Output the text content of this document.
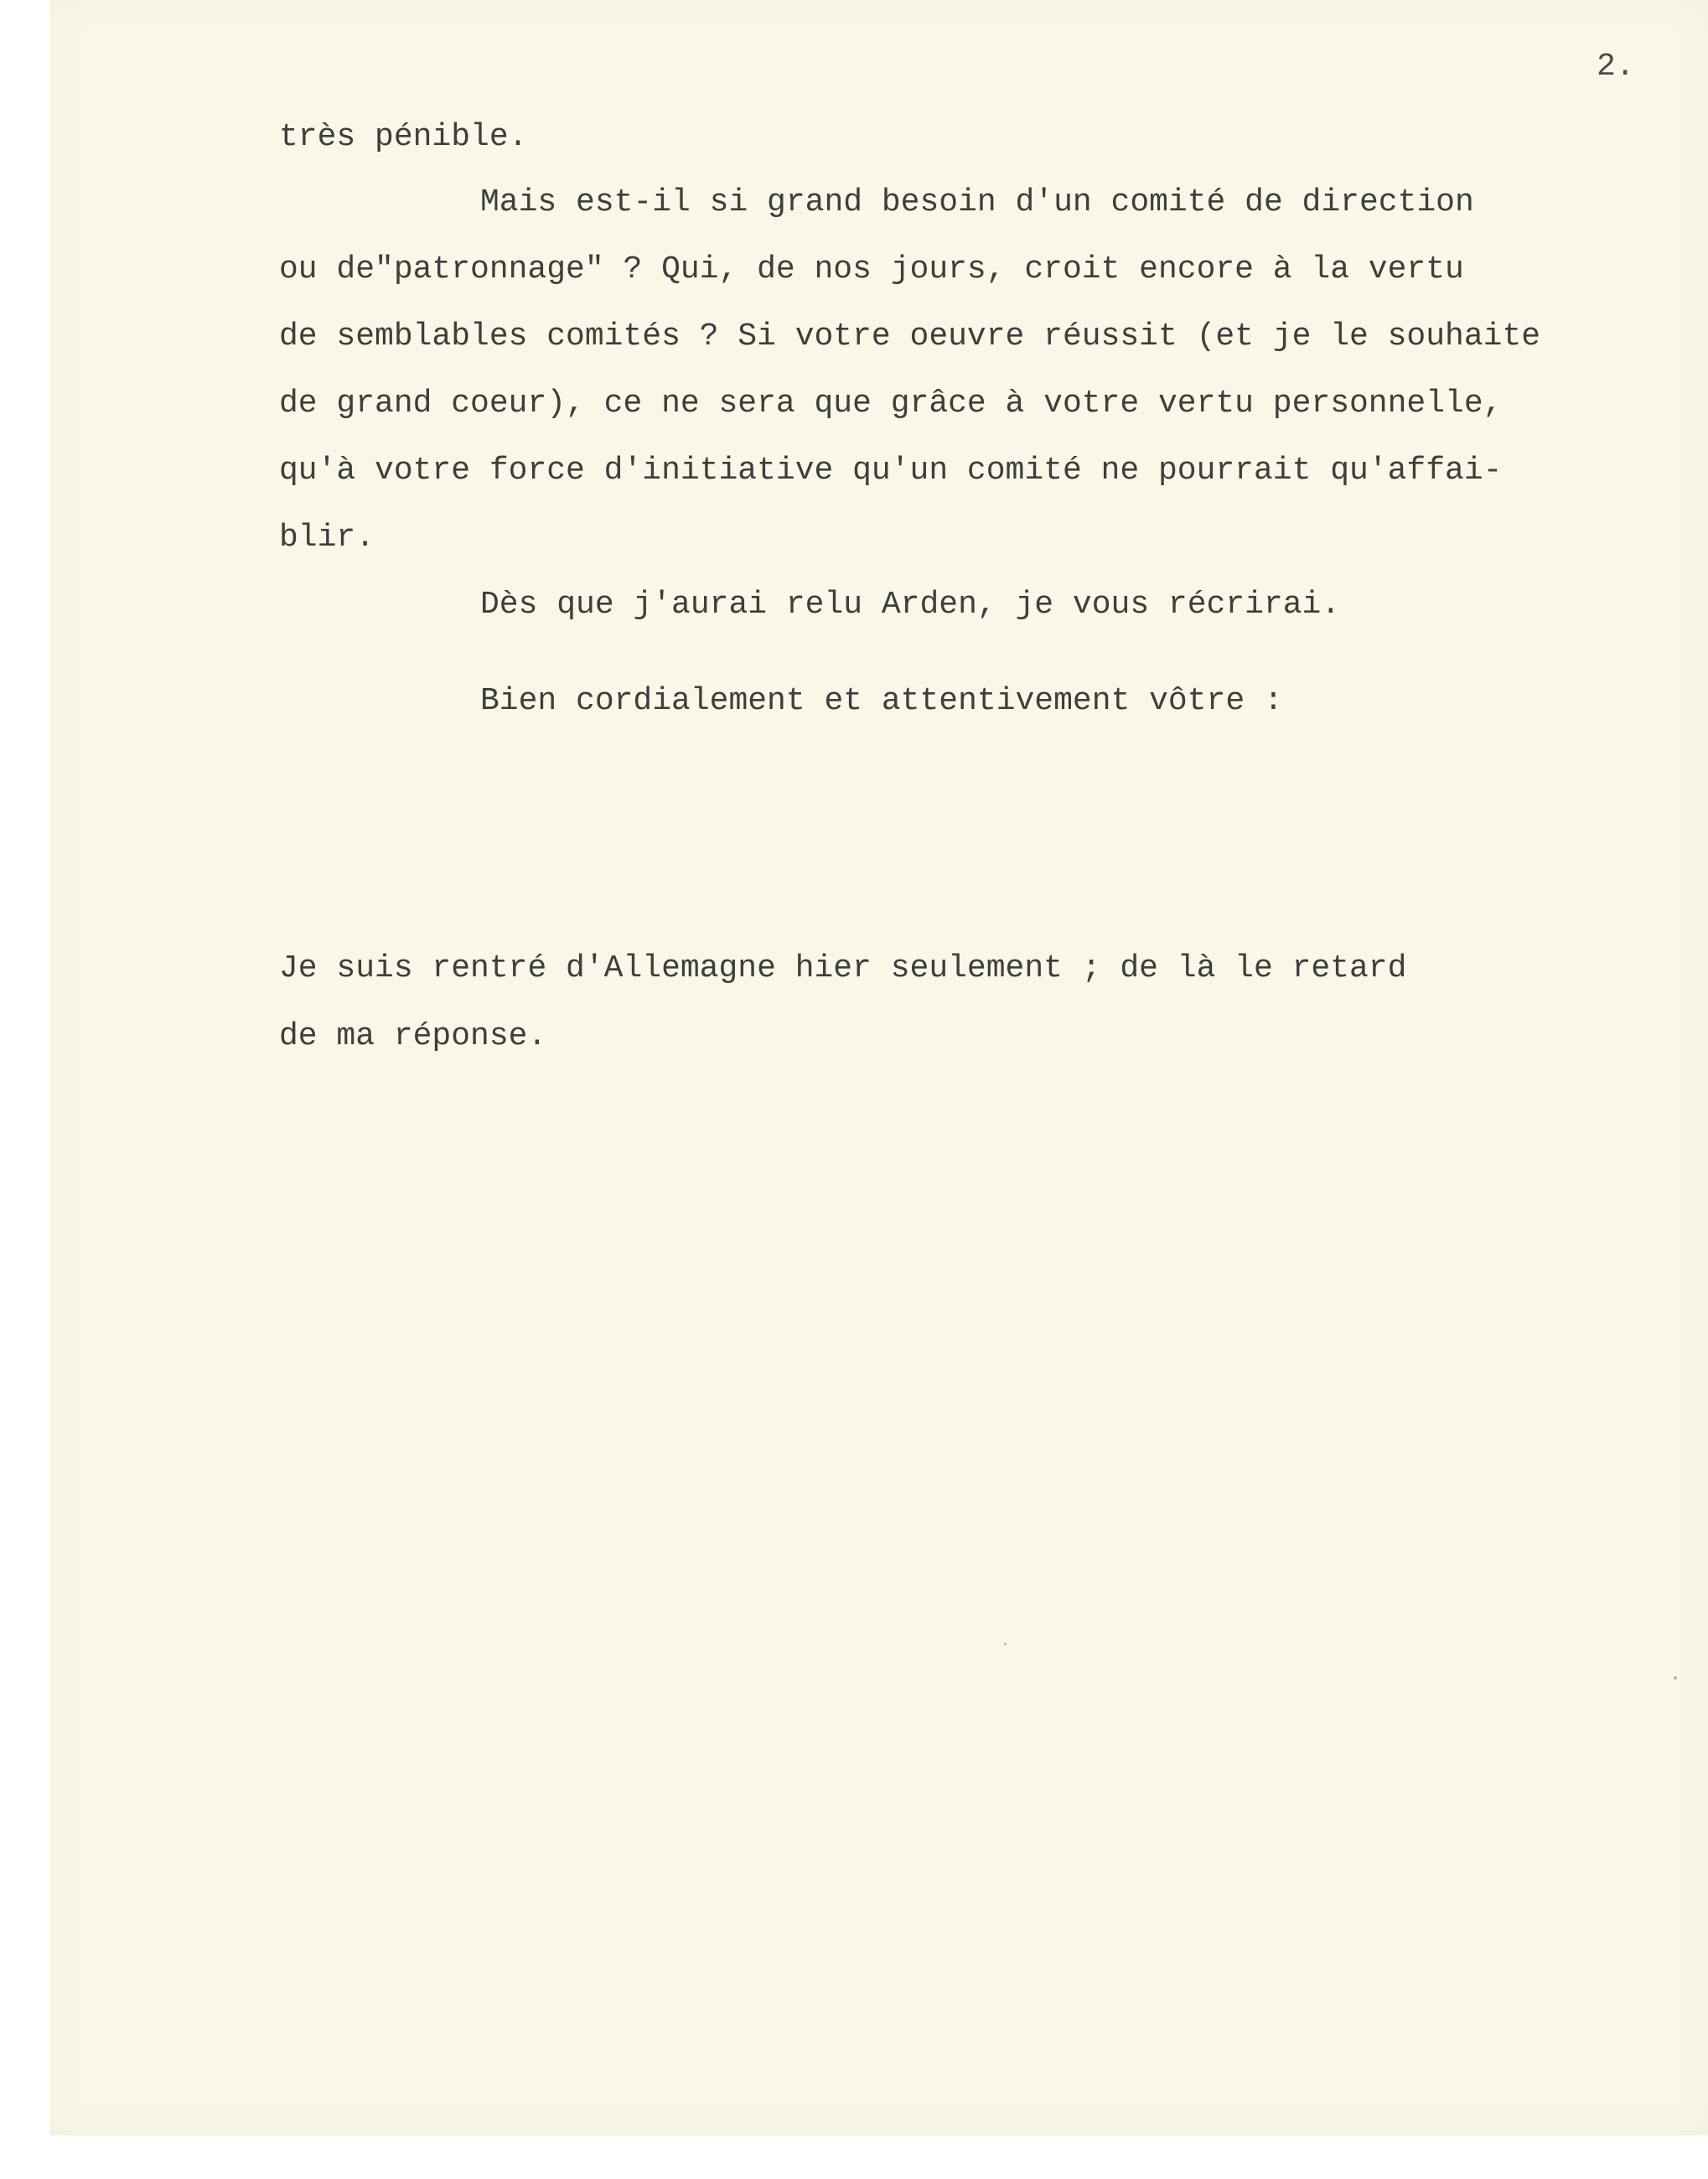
2.
très pénible.
Mais est-il si grand besoin d'un comité de direction
ou de"patronnage" ? Qui, de nos jours, croit encore à la vertu
de semblables comités ? Si votre oeuvre réussit (et je le souhaite
de grand coeur), ce ne sera que grâce à votre vertu personnelle,
qu'à votre force d'initiative qu'un comité ne pourrait qu'affai-
blir.
Dès que j'aurai relu Arden, je vous récrirai.
Bien cordialement et attentivement vôtre :
Je suis rentré d'Allemagne hier seulement ; de là le retard
de ma réponse.
